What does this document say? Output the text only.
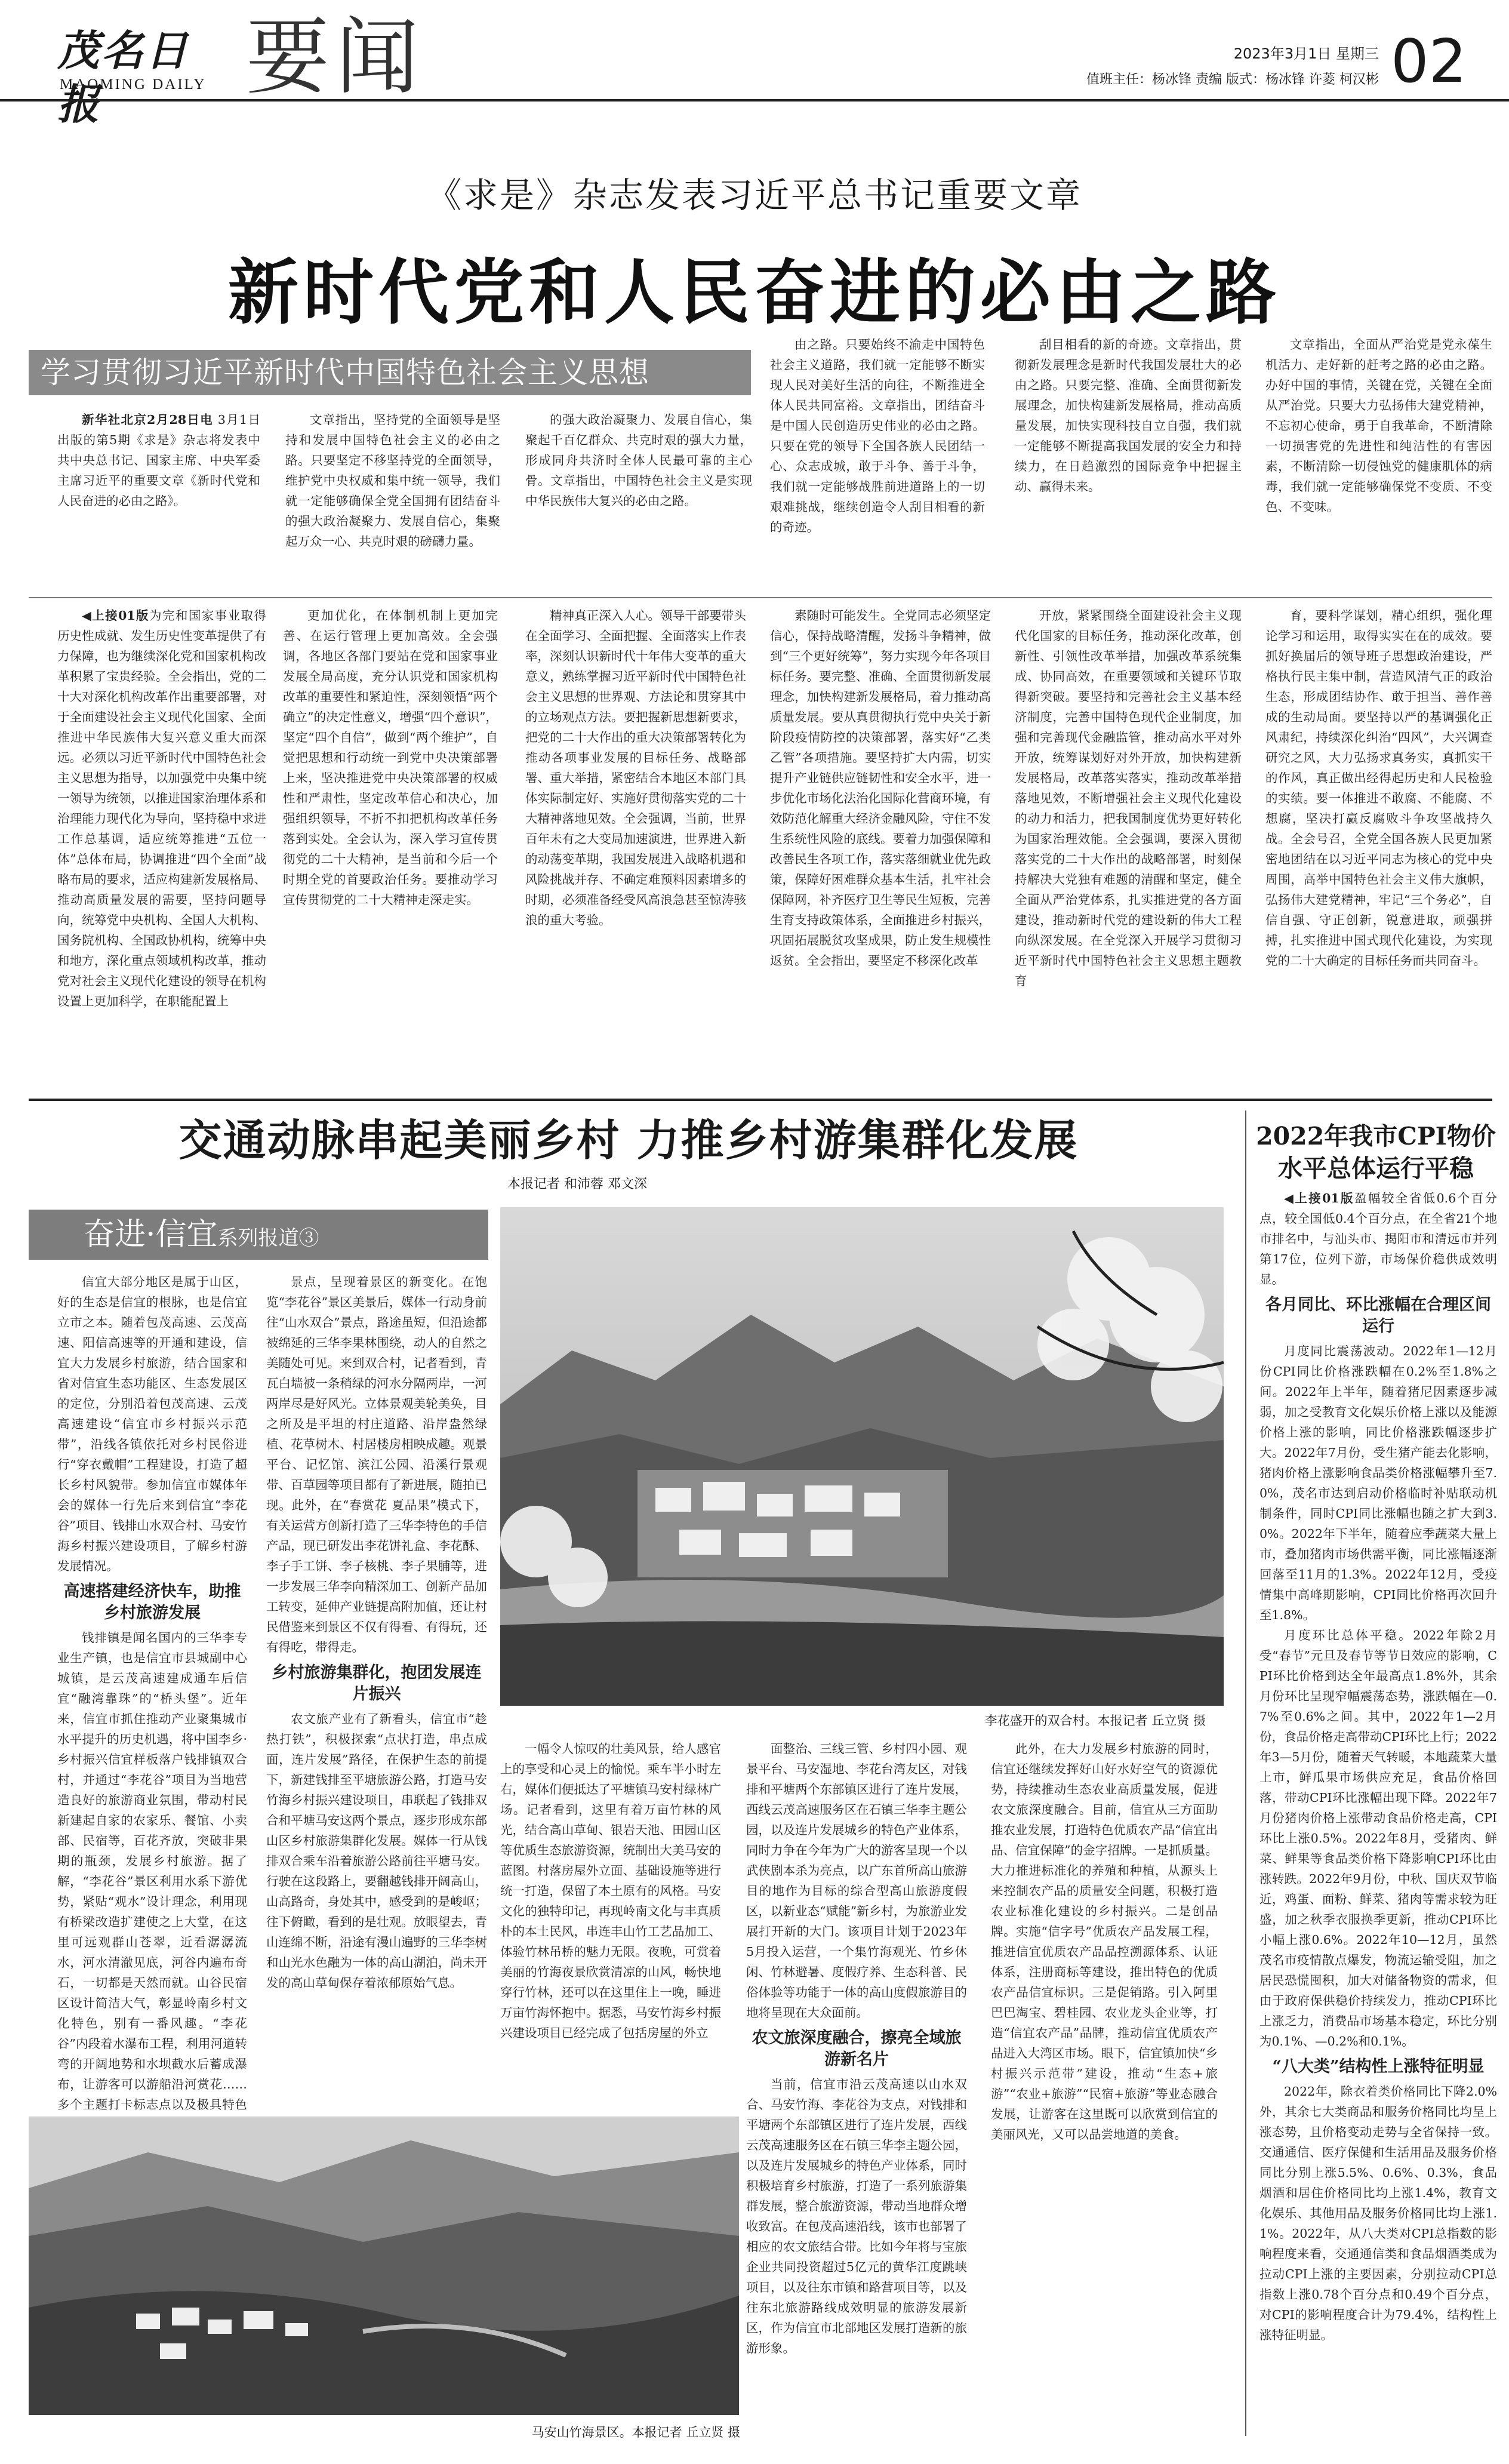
茂名日报
MAOMING DAILY 要闻	2023年3月1日 星期三
值班主任：杨冰锋 责编 版式：杨冰锋 许菱 柯汉彬 02
《求是》杂志发表习近平总书记重要文章
新时代党和人民奋进的必由之路
学习贯彻习近平新时代中国特色社会主义思想

新华社北京2月28日电 3月1日出版的第5期《求是》杂志将发表中共中央总书记、国家主席、中央军委主席习近平的重要文章《新时代党和人民奋进的必由之路》。

文章指出，坚持党的全面领导是坚持和发展中国特色社会主义的必由之路。只要坚定不移坚持党的全面领导，维护党中央权威和集中统一领导，我们就一定能够确保全党全国拥有团结奋斗的强大政治凝聚力、发展自信心，集聚起万众一心、共克时艰的磅礴力量。

的强大政治凝聚力、发展自信心，集聚起千百亿群众、共克时艰的强大力量，形成同舟共济时全体人民最可靠的主心骨。文章指出，中国特色社会主义是实现中华民族伟大复兴的必由之路。

由之路。只要始终不渝走中国特色社会主义道路，我们就一定能够不断实现人民对美好生活的向往，不断推进全体人民共同富裕。文章指出，团结奋斗是中国人民创造历史伟业的必由之路。只要在党的领导下全国各族人民团结一心、众志成城，敢于斗争、善于斗争，我们就一定能够战胜前进道路上的一切艰难挑战，继续创造令人刮目相看的新的奇迹。

刮目相看的新的奇迹。文章指出，贯彻新发展理念是新时代我国发展壮大的必由之路。只要完整、准确、全面贯彻新发展理念，加快构建新发展格局，推动高质量发展，加快实现科技自立自强，我们就一定能够不断提高我国发展的安全力和持续力，在日趋激烈的国际竞争中把握主动、赢得未来。

文章指出，全面从严治党是党永葆生机活力、走好新的赶考之路的必由之路。办好中国的事情，关键在党，关键在全面从严治党。只要大力弘扬伟大建党精神，不忘初心使命，勇于自我革命，不断清除一切损害党的先进性和纯洁性的有害因素，不断清除一切侵蚀党的健康肌体的病毒，我们就一定能够确保党不变质、不变色、不变味。

◀上接01版为完和国家事业取得历史性成就、发生历史性变革提供了有力保障，也为继续深化党和国家机构改革积累了宝贵经验。全会指出，党的二十大对深化机构改革作出重要部署，对于全面建设社会主义现代化国家、全面推进中华民族伟大复兴意义重大而深远。必须以习近平新时代中国特色社会主义思想为指导，以加强党中央集中统一领导为统领，以推进国家治理体系和治理能力现代化为导向，坚持稳中求进工作总基调，适应统筹推进“五位一体”总体布局，协调推进“四个全面”战略布局的要求，适应构建新发展格局、推动高质量发展的需要，坚持问题导向，统筹党中央机构、全国人大机构、国务院机构、全国政协机构，统筹中央和地方，深化重点领域机构改革，推动党对社会主义现代化建设的领导在机构设置上更加科学，在职能配置上

更加优化，在体制机制上更加完善、在运行管理上更加高效。全会强调，各地区各部门要站在党和国家事业发展全局高度，充分认识党和国家机构改革的重要性和紧迫性，深刻领悟“两个确立”的决定性意义，增强“四个意识”，坚定“四个自信”，做到“两个维护”，自觉把思想和行动统一到党中央决策部署上来，坚决推进党中央决策部署的权威性和严肃性，坚定改革信心和决心，加强组织领导，不折不扣把机构改革任务落到实处。全会认为，深入学习宣传贯彻党的二十大精神，是当前和今后一个时期全党的首要政治任务。要推动学习宣传贯彻党的二十大精神走深走实。

精神真正深入人心。领导干部要带头在全面学习、全面把握、全面落实上作表率，深刻认识新时代十年伟大变革的重大意义，熟练掌握习近平新时代中国特色社会主义思想的世界观、方法论和贯穿其中的立场观点方法。要把握新思想新要求，把党的二十大作出的重大决策部署转化为推动各项事业发展的目标任务、战略部署、重大举措，紧密结合本地区本部门具体实际制定好、实施好贯彻落实党的二十大精神落地见效。全会强调，当前，世界百年未有之大变局加速演进，世界进入新的动荡变革期，我国发展进入战略机遇和风险挑战并存、不确定难预料因素增多的时期，必须准备经受风高浪急甚至惊涛骇浪的重大考验。

素随时可能发生。全党同志必须坚定信心，保持战略清醒，发扬斗争精神，做到“三个更好统筹”，努力实现今年各项目标任务。要完整、准确、全面贯彻新发展理念，加快构建新发展格局，着力推动高质量发展。要从真贯彻执行党中央关于新阶段疫情防控的决策部署，落实好“乙类乙管”各项措施。要坚持扩大内需，切实提升产业链供应链韧性和安全水平，进一步优化市场化法治化国际化营商环境，有效防范化解重大经济金融风险，守住不发生系统性风险的底线。要着力加强保障和改善民生各项工作，落实落细就业优先政策，保障好困难群众基本生活，扎牢社会保障网，补齐医疗卫生等民生短板，完善生育支持政策体系，全面推进乡村振兴，巩固拓展脱贫攻坚成果，防止发生规模性返贫。全会指出，要坚定不移深化改革

开放，紧紧围绕全面建设社会主义现代化国家的目标任务，推动深化改革，创新性、引领性改革举措，加强改革系统集成、协同高效，在重要领域和关键环节取得新突破。要坚持和完善社会主义基本经济制度，完善中国特色现代企业制度，加强和完善现代金融监管，推动高水平对外开放，统筹谋划好对外开放，加快构建新发展格局，改革落实落实，推动改革举措落地见效，不断增强社会主义现代化建设的动力和活力，把我国制度优势更好转化为国家治理效能。全会强调，要深入贯彻落实党的二十大作出的战略部署，时刻保持解决大党独有难题的清醒和坚定，健全全面从严治党体系，扎实推进党的各方面建设，推动新时代党的建设新的伟大工程向纵深发展。在全党深入开展学习贯彻习近平新时代中国特色社会主义思想主题教育

育，要科学谋划，精心组织，强化理论学习和运用，取得实实在在的成效。要抓好换届后的领导班子思想政治建设，严格执行民主集中制，营造风清气正的政治生态，形成团结协作、敢于担当、善作善成的生动局面。要坚持以严的基调强化正风肃纪，持续深化纠治“四风”，大兴调查研究之风，大力弘扬求真务实，真抓实干的作风，真正做出经得起历史和人民检验的实绩。要一体推进不敢腐、不能腐、不想腐，坚决打赢反腐败斗争攻坚战持久战。全会号召，全党全国各族人民更加紧密地团结在以习近平同志为核心的党中央周围，高举中国特色社会主义伟大旗帜，弘扬伟大建党精神，牢记“三个务必”，自信自强、守正创新，锐意进取，顽强拼搏，扎实推进中国式现代化建设，为实现党的二十大确定的目标任务而共同奋斗。

交通动脉串起美丽乡村 力推乡村游集群化发展
本报记者 和沛蓉 邓文深
奋进·信宜系列报道③
李花盛开的双合村。本报记者 丘立贤 摄

信宜大部分地区是属于山区，好的生态是信宜的根脉，也是信宜立市之本。随着包茂高速、云茂高速、阳信高速等的开通和建设，信宜大力发展乡村旅游，结合国家和省对信宜生态功能区、生态发展区的定位，分别沿着包茂高速、云茂高速建设“信宜市乡村振兴示范带”，沿线各镇依托对乡村民俗进行“穿衣戴帽”工程建设，打造了超长乡村风貌带。参加信宜市媒体年会的媒体一行先后来到信宜“李花谷”项目、钱排山水双合村、马安竹海乡村振兴建设项目，了解乡村游发展情况。

高速搭建经济快车，助推乡村旅游发展

钱排镇是闻名国内的三华李专业生产镇，也是信宜市县城副中心城镇，是云茂高速建成通车后信宜“融湾靠珠”的“桥头堡”。近年来，信宜市抓住推动产业聚集城市水平提升的历史机遇，将中国李乡·乡村振兴信宜样板落户钱排镇双合村，并通过“李花谷”项目为当地营造良好的旅游商业氛围，带动村民新建起自家的农家乐、餐馆、小卖部、民宿等，百花齐放，突破非果期的瓶颈，发展乡村旅游。据了解，“李花谷”景区利用水系下游优势，紧贴“观水”设计理念，利用现有桥梁改造扩建使之上大堂，在这里可远观群山苍翠，近看潺潺流水，河水清澈见底，河谷内遍布奇石，一切都是天然而就。山谷民宿区设计简洁大气，彰显岭南乡村文化特色，别有一番风趣。“李花谷”内段着水瀑布工程，利用河道转弯的开阔地势和水坝截水后蓄成瀑布，让游客可以游船沿河赏花……多个主题打卡标志点以及极具特色

景点，呈现着景区的新变化。在饱览“李花谷”景区美景后，媒体一行动身前往“山水双合”景点，路途虽短，但沿途都被绵延的三华李果林围绕，动人的自然之美随处可见。来到双合村，记者看到，青瓦白墙被一条稍绿的河水分隔两岸，一河两岸尽是好风光。立体景观美轮美奂，目之所及是平坦的村庄道路、沿岸盎然绿植、花草树木、村居楼房相映成趣。观景平台、记忆馆、滨江公园、沿溪行景观带、百草园等项目都有了新进展，随拍已现。此外，在“春赏花 夏品果”模式下，有关运营方创新打造了三华李特色的手信产品，现已研发出李花饼礼盒、李花酥、李子手工饼、李子核桃、李子果脯等，进一步发展三华李向精深加工、创新产品加工转变，延伸产业链提高附加值，还让村民借鉴来到景区不仅有得看、有得玩，还有得吃，带得走。

乡村旅游集群化，抱团发展连片振兴

农文旅产业有了新看头，信宜市“趁热打铁”，积极探索“点状打造，串点成面，连片发展”路径，在保护生态的前提下，新建钱排至平塘旅游公路，打造马安竹海乡村振兴建设项目，串联起了钱排双合和平塘马安这两个景点，逐步形成东部山区乡村旅游集群化发展。媒体一行从钱排双合乘车沿着旅游公路前往平塘马安。行驶在这段路上，要翻越钱排开阔高山，山高路奇，身处其中，感受到的是峻岖；往下俯瞰，看到的是壮观。放眼望去，青山连绵不断，沿途有漫山遍野的三华李树和山光水色融为一体的高山湖泊，尚未开发的高山草甸保存着浓郁原始气息。

一幅令人惊叹的壮美风景，给人感官上的享受和心灵上的愉悦。乘车半小时左右，媒体们便抵达了平塘镇马安村绿林广场。记者看到，这里有着万亩竹林的风光，结合高山草甸、银岩天池、田园山区等优质生态旅游资源，统制出大美马安的蓝图。村落房屋外立面、基础设施等进行统一打造，保留了本土原有的风格。马安文化的独特印记，再现岭南文化与丰真质朴的本土民风，串连丰山竹工艺品加工、体验竹林吊桥的魅力无限。夜晚，可赏着美丽的竹海夜景欣赏清凉的山风，畅快地穿行竹林，还可以在这里住上一晚，睡进万亩竹海怀抱中。据悉，马安竹海乡村振兴建设项目已经完成了包括房屋的外立

面整治、三线三管、乡村四小园、观景平台、马安湿地、李花台湾友区，对钱排和平塘两个东部镇区进行了连片发展，西线云茂高速服务区在石镇三华李主题公园，以及连片发展城乡的特色产业体系，同时力争在今年为广大的游客呈现一个以武侠剧本杀为亮点，以广东首所高山旅游目的地作为目标的综合型高山旅游度假区，以新业态“赋能”新乡村，为旅游业发展打开新的大门。该项目计划于2023年5月投入运营，一个集竹海观光、竹乡休闲、竹林避暑、度假疗养、生态科普、民俗体验等功能于一体的高山度假旅游目的地将呈现在大众面前。

农文旅深度融合，擦亮全域旅游新名片

当前，信宜市沿云茂高速以山水双合、马安竹海、李花谷为支点，对钱排和平塘两个东部镇区进行了连片发展，西线云茂高速服务区在石镇三华李主题公园，以及连片发展城乡的特色产业体系，同时积极培育乡村旅游，打造了一系列旅游集群发展，整合旅游资源，带动当地群众增收致富。在包茂高速沿线，该市也部署了相应的农文旅结合带。比如今年将与宝旅企业共同投资超过5亿元的黄华江度跳峡项目，以及往东市镇和路营项目等，以及往东北旅游路线成效明显的旅游发展新区，作为信宜市北部地区发展打造新的旅游形象。

此外，在大力发展乡村旅游的同时，信宜还继续发挥好山好水好空气的资源优势，持续推动生态农业高质量发展，促进农文旅深度融合。目前，信宜从三方面助推农业发展，打造特色优质农产品“信宜出品、信宜保障”的金字招牌。一是抓质量。大力推进标准化的养殖和种植，从源头上来控制农产品的质量安全问题，积极打造农业标准化建设的乡村振兴。二是创品牌。实施“信字号”优质农产品发展工程，推进信宜优质农产品品控溯源体系、认证体系，注册商标等建设，推出特色的优质农产品信宜标识。三是促销路。引入阿里巴巴淘宝、碧桂园、农业龙头企业等，打造“信宜农产品”品牌，推动信宜优质农产品进入大湾区市场。眼下，信宜镇加快“乡村振兴示范带”建设，推动“生态+旅游”“农业+旅游”“民宿+旅游”等业态融合发展，让游客在这里既可以欣赏到信宜的美丽风光，又可以品尝地道的美食。

马安山竹海景区。本报记者 丘立贤 摄
2022年我市CPI物价水平总体运行平稳

◀上接01版盈幅较全省低0.6个百分点，较全国低0.4个百分点，在全省21个地市排名中，与汕头市、揭阳市和清远市并列第17位，位列下游，市场保价稳供成效明显。

各月同比、环比涨幅在合理区间运行

月度同比震荡波动。2022年1—12月份CPI同比价格涨跌幅在0.2%至1.8%之间。2022年上半年，随着猪尼因素逐步减弱，加之受教育文化娱乐价格上涨以及能源价格上涨的影响，同比价格涨跌幅逐步扩大。2022年7月份，受生猪产能去化影响，猪肉价格上涨影响食品类价格涨幅攀升至7.0%，茂名市达到启动价格临时补贴联动机制条件，同时CPI同比涨幅也随之扩大到3.0%。2022年下半年，随着应季蔬菜大量上市，叠加猪肉市场供需平衡，同比涨幅逐渐回落至11月的1.3%。2022年12月，受疫情集中高峰期影响，CPI同比价格再次回升至1.8%。

月度环比总体平稳。2022年除2月受“春节”元旦及春节等节日效应的影响，CPI环比价格到达全年最高点1.8%外，其余月份环比呈现窄幅震荡态势，涨跌幅在—0.7%至0.6%之间。其中，2022年1—2月份，食品价格走高带动CPI环比上行；2022年3—5月份，随着天气转暖，本地蔬菜大量上市，鲜瓜果市场供应充足，食品价格回落，带动CPI环比涨幅出现下降。2022年7月份猪肉价格上涨带动食品价格走高，CPI环比上涨0.5%。2022年8月，受猪肉、鲜菜、鲜果等食品类价格下降影响CPI环比由涨转跌。2022年9月份，中秋、国庆双节临近，鸡蛋、面粉、鲜菜、猪肉等需求较为旺盛，加之秋季衣服换季更新，推动CPI环比小幅上涨0.6%。2022年10—12月，虽然茂名市疫情散点爆发，物流运输受阻，加之居民恐慌囤积，加大对储备物资的需求，但由于政府保供稳价持续发力，推动CPI环比上涨乏力，消费品市场基本稳定，环比分别为0.1%、—0.2%和0.1%。

“八大类”结构性上涨特征明显

2022年，除衣着类价格同比下降2.0%外，其余七大类商品和服务价格同比均呈上涨态势，且价格变动走势与全省保持一致。交通通信、医疗保健和生活用品及服务价格同比分别上涨5.5%、0.6%、0.3%，食品烟酒和居住价格同比均上涨1.4%，教育文化娱乐、其他用品及服务价格同比均上涨1.1%。2022年，从八大类对CPI总指数的影响程度来看，交通通信类和食品烟酒类成为拉动CPI上涨的主要因素，分别拉动CPI总指数上涨0.78个百分点和0.49个百分点，对CPI的影响程度合计为79.4%，结构性上涨特征明显。
